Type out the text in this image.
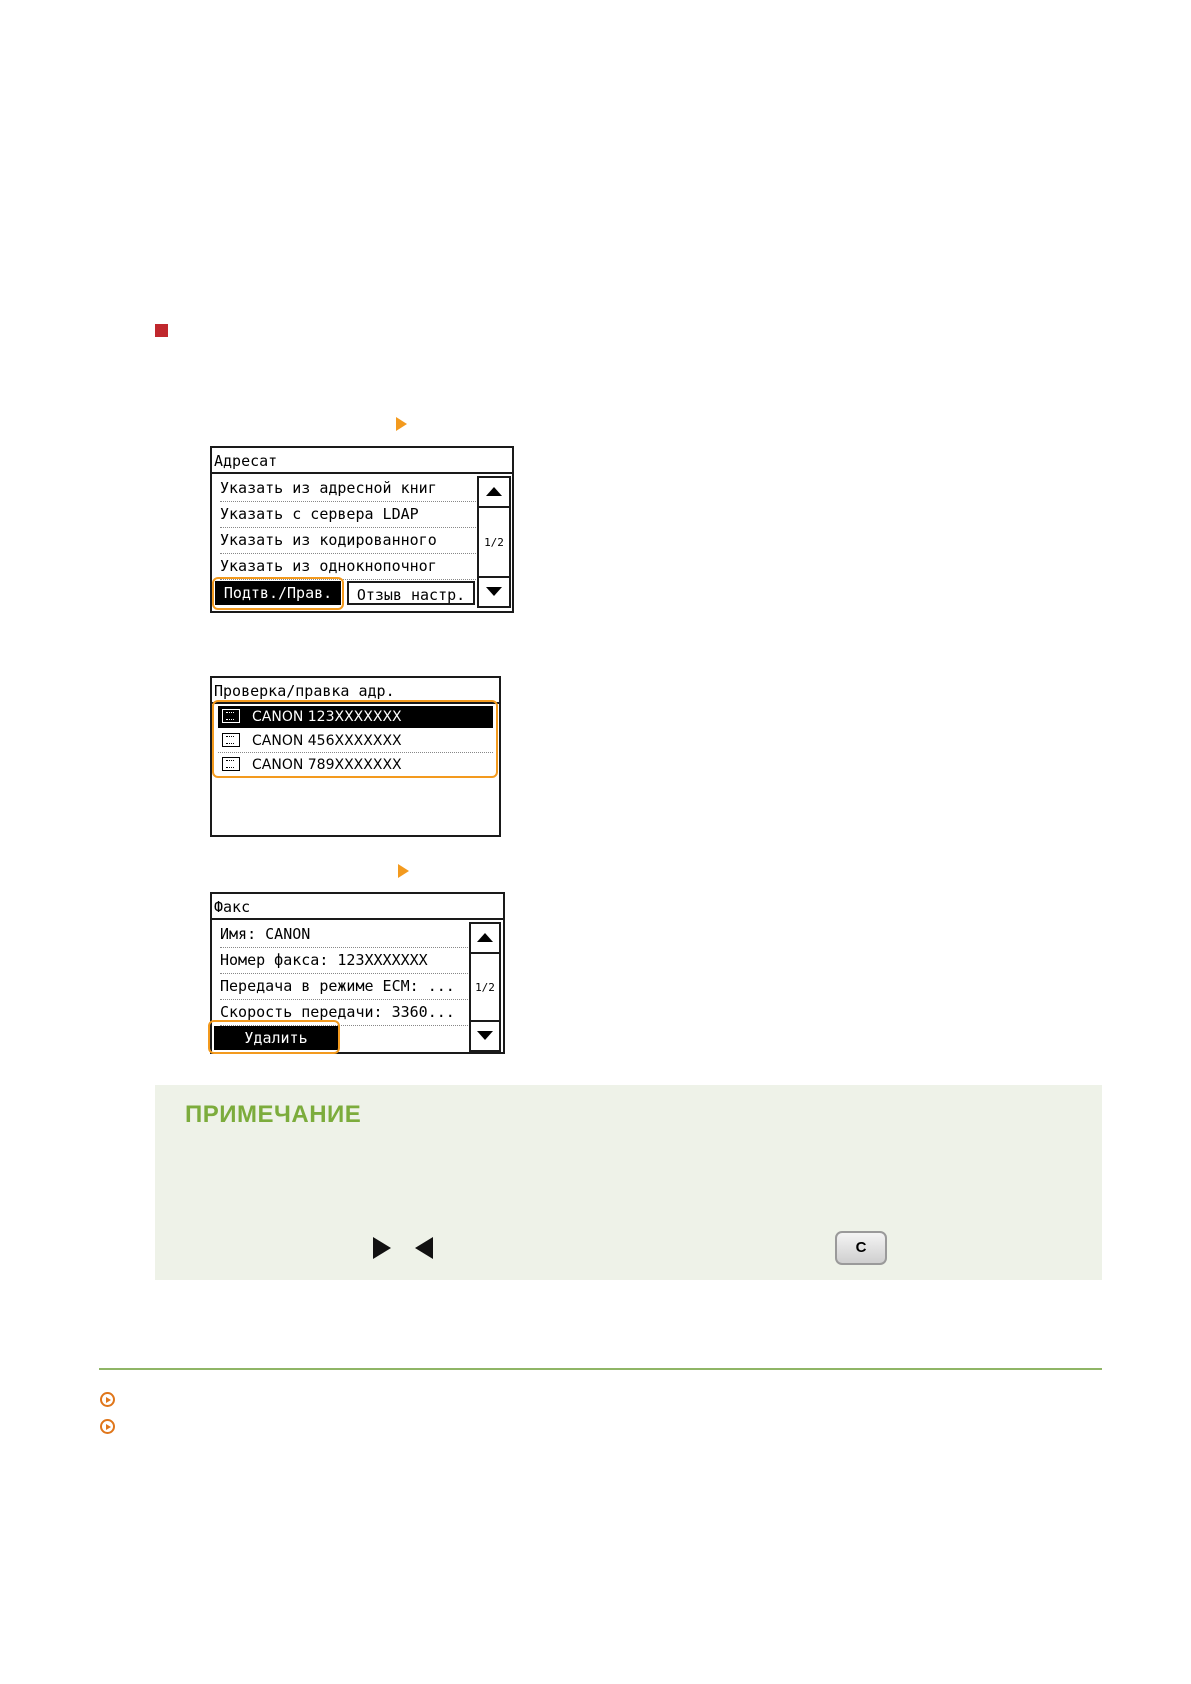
Адресат
Указать из адресной книг
Указать с сервера LDAP
Указать из кодированного
Указать из однокнопочног
1/2
Подтв./Прав.	Отзыв настр.
Проверка/правка адр.
CANON 123XXXXXXX
CANON 456XXXXXXX
CANON 789XXXXXXX
Факс
Имя: CANON
Номер факса: 123XXXXXXX
Передача в режиме ECM: ...
Скорость передачи: 3360...
1/2
Удалить
ПРИМЕЧАНИЕ
C
